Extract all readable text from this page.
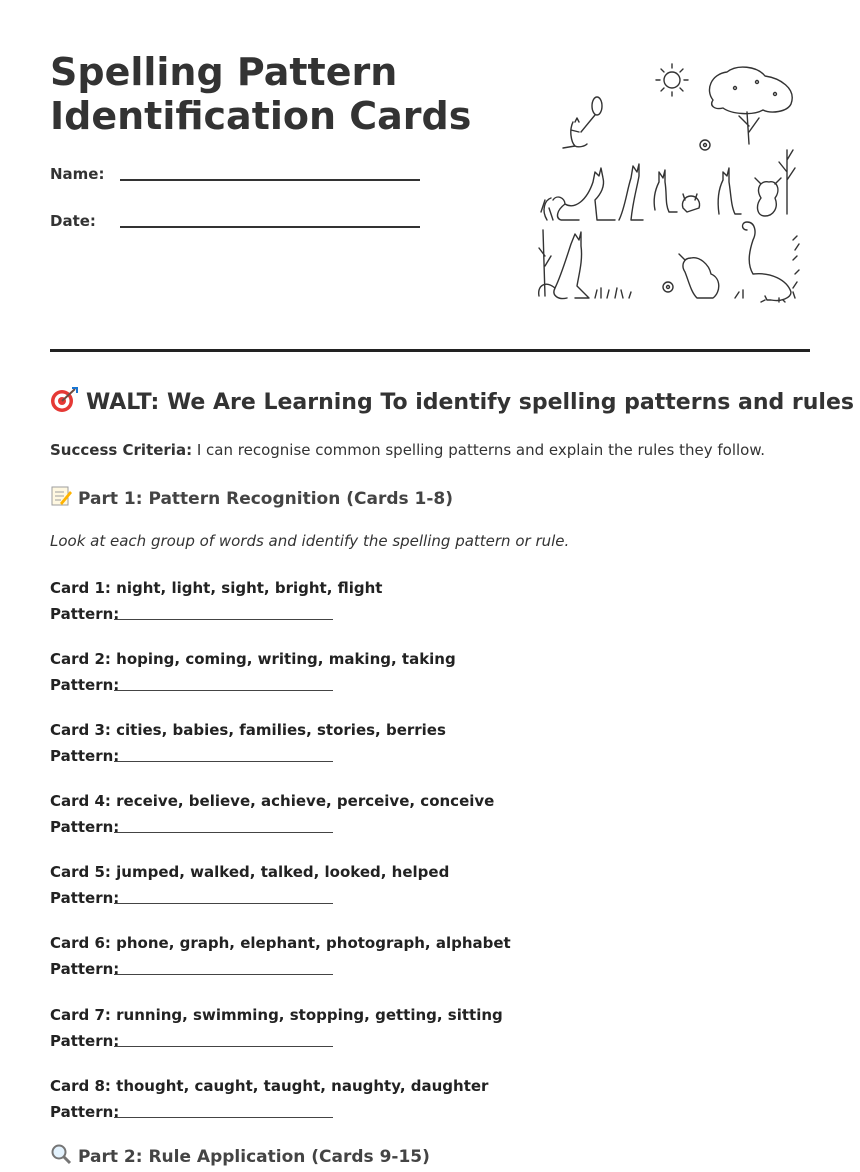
Spelling Pattern Identification Cards
Name:
Date:
WALT: We Are Learning To identify spelling patterns and rules
Success Criteria: I can recognise common spelling patterns and explain the rules they follow.
Part 1: Pattern Recognition (Cards 1-8)
Look at each group of words and identify the spelling pattern or rule.
Card 1: night, light, sight, bright, flight
Pattern:
Card 2: hoping, coming, writing, making, taking
Pattern:
Card 3: cities, babies, families, stories, berries
Pattern:
Card 4: receive, believe, achieve, perceive, conceive
Pattern:
Card 5: jumped, walked, talked, looked, helped
Pattern:
Card 6: phone, graph, elephant, photograph, alphabet
Pattern:
Card 7: running, swimming, stopping, getting, sitting
Pattern:
Card 8: thought, caught, taught, naughty, daughter
Pattern:
Part 2: Rule Application (Cards 9-15)
